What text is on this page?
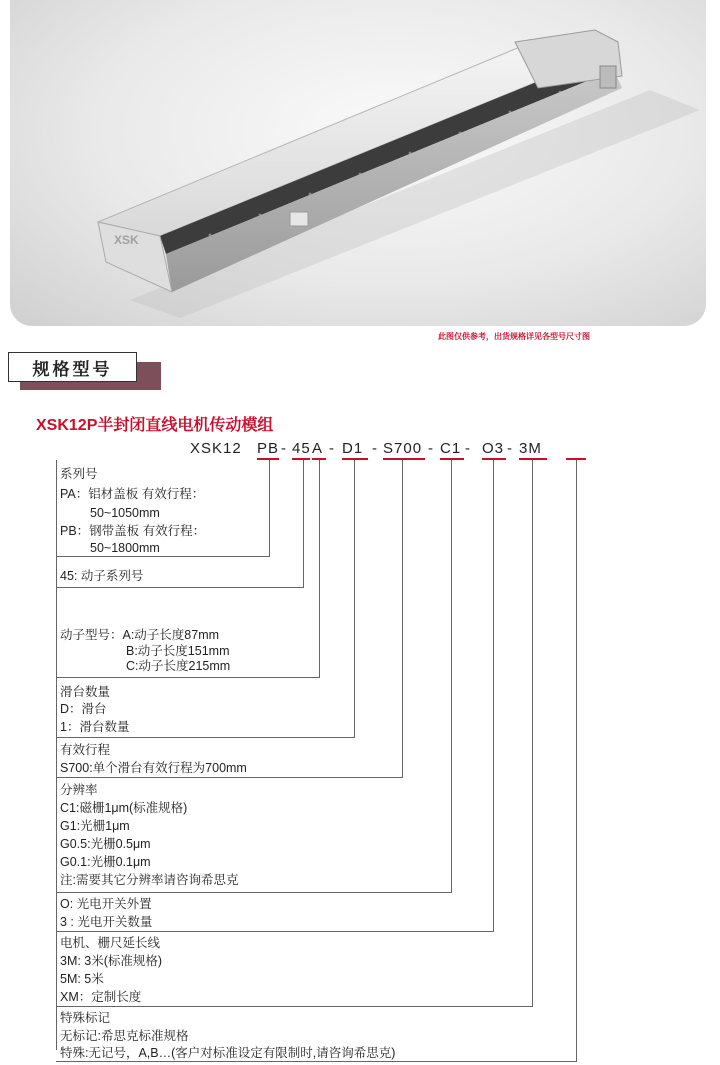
XSK
此图仅供参考，出货规格详见各型号尺寸图
规格型号
XSK12P半封闭直线电机传动模组
XSK12 PB - 45 A - D1 - S700 - C1 - O3 - 3M
系列号
PA：铝材盖板 有效行程：
50~1050mm
PB：钢带盖板 有效行程：
50~1800mm
45: 动子系列号
动子型号：A:动子长度87mm
B:动子长度151mm
C:动子长度215mm
滑台数量
D：滑台
1：滑台数量
有效行程
S700:单个滑台有效行程为700mm
分辨率
C1:磁栅1μm(标准规格)
G1:光栅1μm
G0.5:光栅0.5μm
G0.1:光栅0.1μm
注:需要其它分辨率请咨询希思克
O: 光电开关外置
3 : 光电开关数量
电机、栅尺延长线
3M: 3米(标准规格)
5M: 5米
XM：定制长度
特殊标记
无标记:希思克标准规格
特殊:无记号，A,B…(客户对标准设定有限制时,请咨询希思克)
